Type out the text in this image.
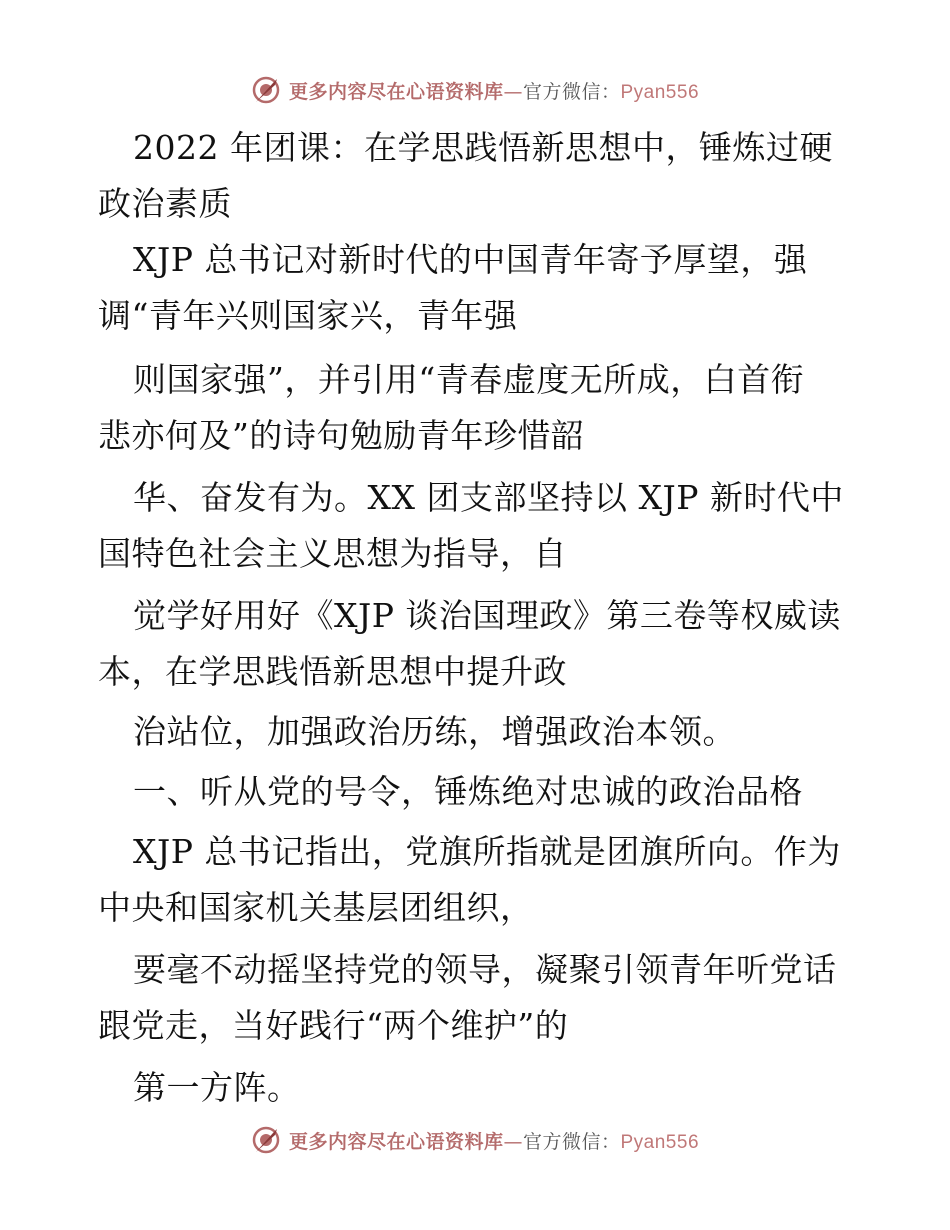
更多内容尽在心语资料库—官方微信：Pyan556
2022 年团课：在学思践悟新思想中，锤炼过硬
政治素质
XJP 总书记对新时代的中国青年寄予厚望，强
调“青年兴则国家兴，青年强
则国家强”，并引用“青春虚度无所成，白首衔
悲亦何及”的诗句勉励青年珍惜韶
华、奋发有为。XX 团支部坚持以 XJP 新时代中
国特色社会主义思想为指导，自
觉学好用好《XJP 谈治国理政》第三卷等权威读
本，在学思践悟新思想中提升政
治站位，加强政治历练，增强政治本领。
一、听从党的号令，锤炼绝对忠诚的政治品格
XJP 总书记指出，党旗所指就是团旗所向。作为
中央和国家机关基层团组织，
要毫不动摇坚持党的领导，凝聚引领青年听党话
跟党走，当好践行“两个维护”的
第一方阵。
更多内容尽在心语资料库—官方微信：Pyan556
